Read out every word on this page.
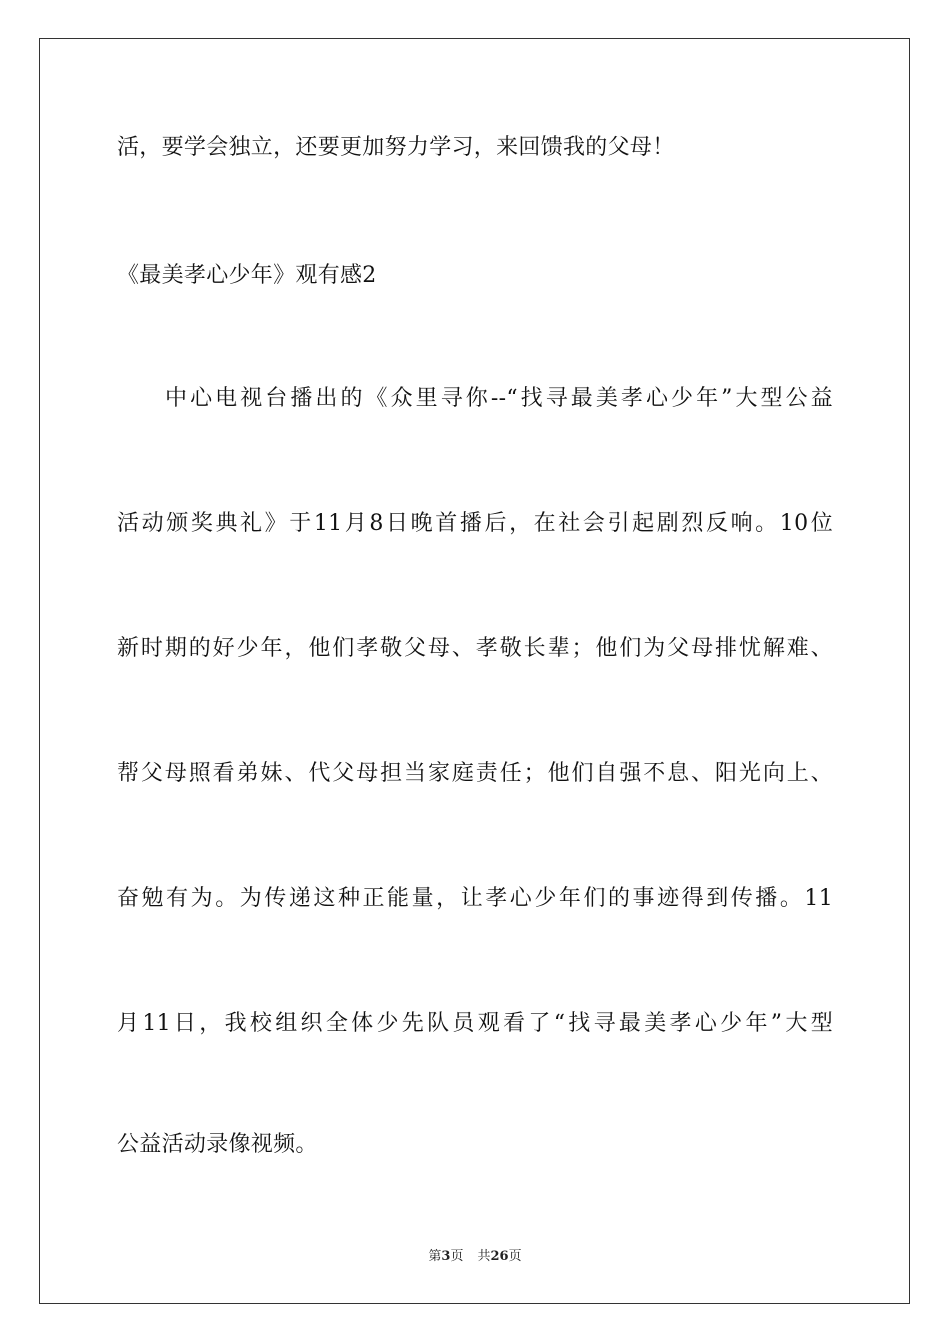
活，要学会独立，还要更加努力学习，来回馈我的父母！
《最美孝心少年》观有感2
中心电视台播出的《众里寻你--“找寻最美孝心少年”大型公益
活动颁奖典礼》于11月8日晚首播后，在社会引起剧烈反响。10位
新时期的好少年，他们孝敬父母、孝敬长辈；他们为父母排忧解难、
帮父母照看弟妹、代父母担当家庭责任；他们自强不息、阳光向上、
奋勉有为。为传递这种正能量，让孝心少年们的事迹得到传播。11
月11日，我校组织全体少先队员观看了“找寻最美孝心少年”大型
公益活动录像视频。
第3页 共26页
